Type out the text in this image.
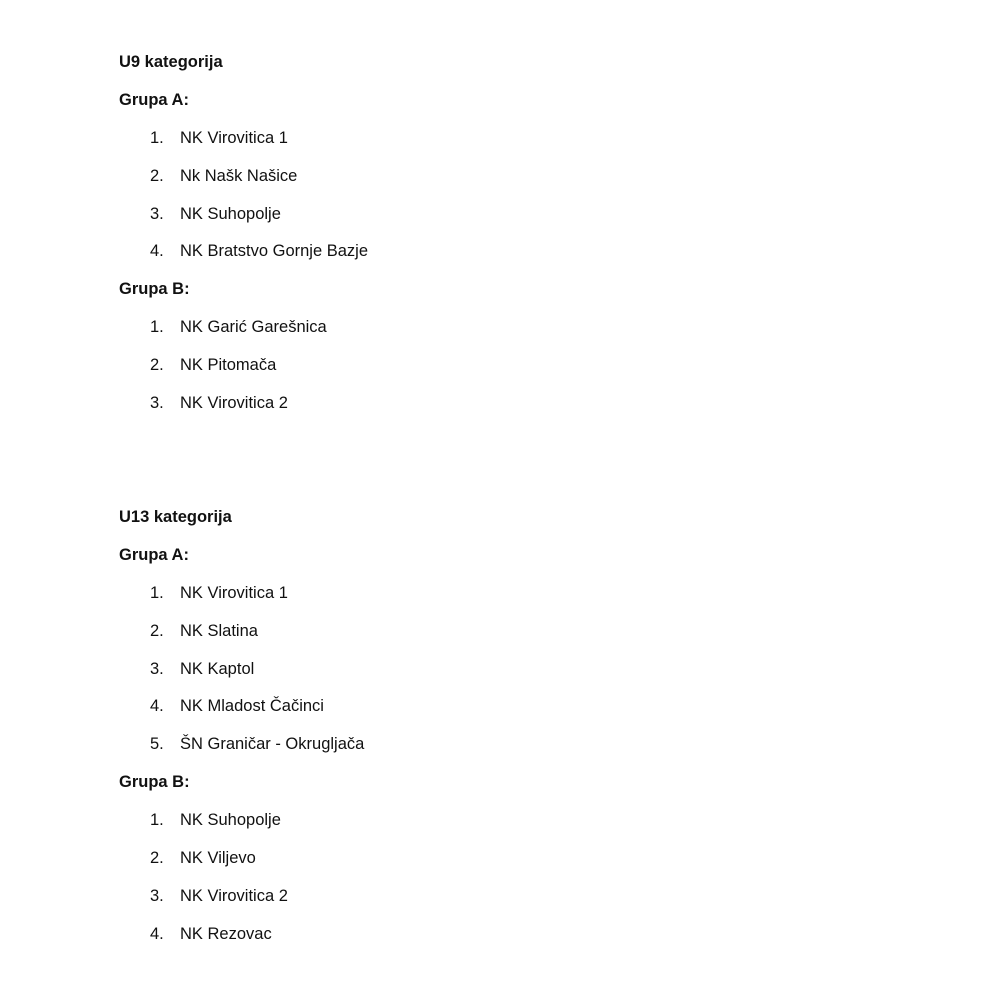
U9 kategorija
Grupa A:
1. NK Virovitica 1
2. Nk Našk Našice
3. NK Suhopolje
4. NK Bratstvo Gornje Bazje
Grupa B:
1. NK Garić Garešnica
2. NK Pitomača
3. NK Virovitica 2
U13 kategorija
Grupa A:
1. NK Virovitica 1
2. NK Slatina
3. NK Kaptol
4. NK Mladost Čačinci
5. ŠN Graničar - Okrugljača
Grupa B:
1. NK Suhopolje
2. NK Viljevo
3. NK Virovitica 2
4. NK Rezovac
